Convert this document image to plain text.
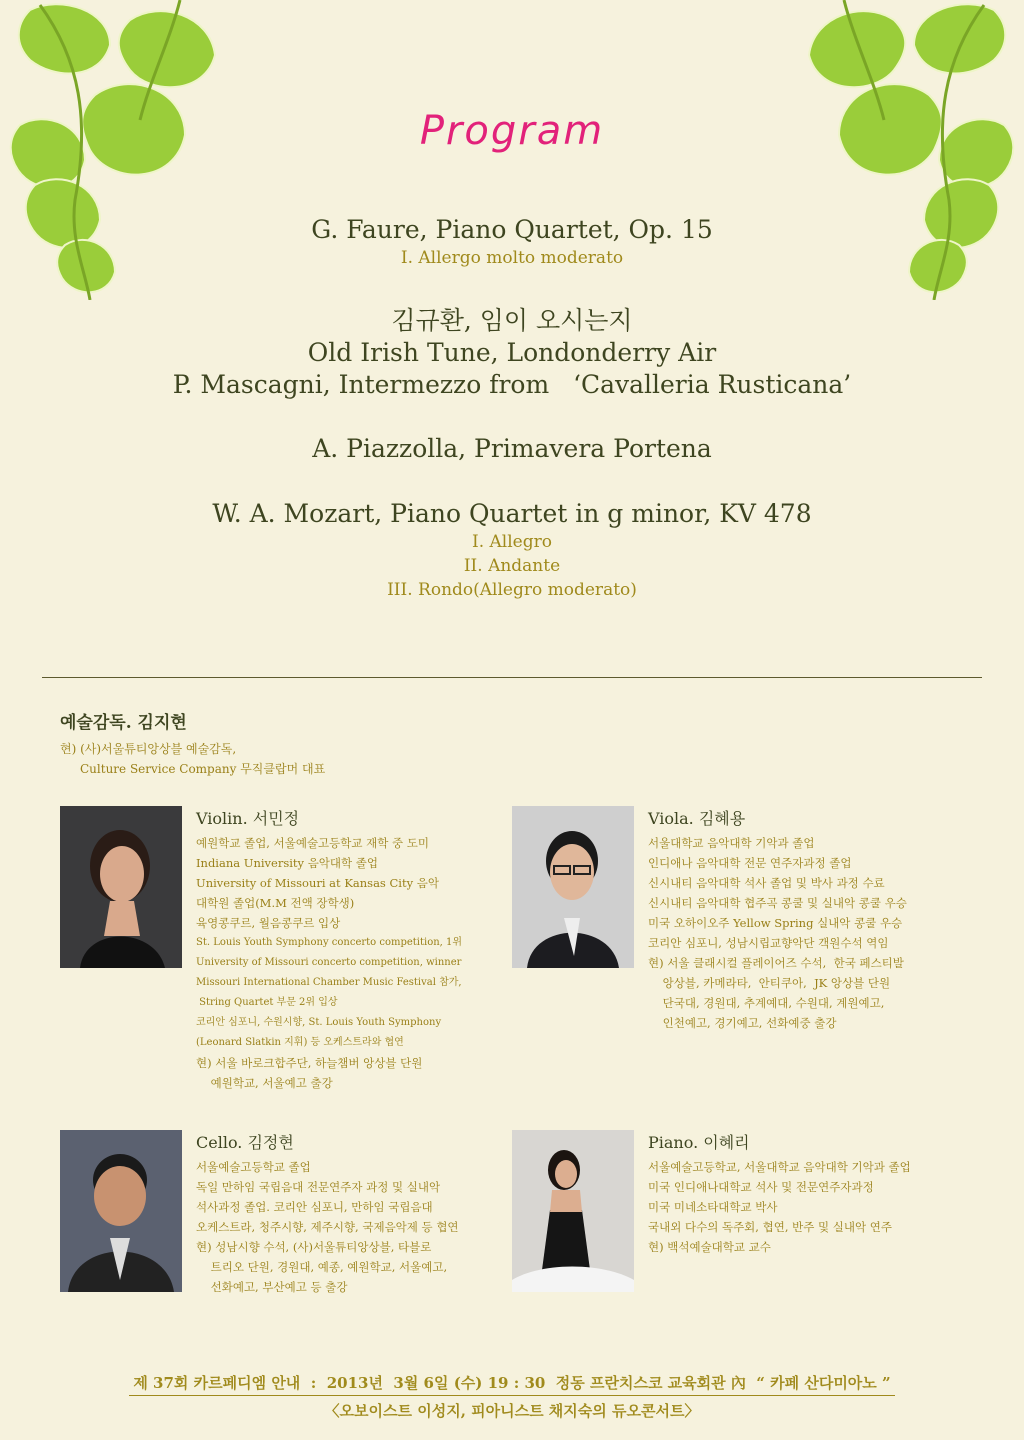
Program
G. Faure, Piano Quartet, Op. 15
I. Allergo molto moderato
김규환, 임이 오시는지
Old Irish Tune, Londonderry Air
P. Mascagni, Intermezzo from   ‘Cavalleria Rusticana’
A. Piazzolla, Primavera Portena
W. A. Mozart, Piano Quartet in g minor, KV 478
I. Allegro
II. Andante
III. Rondo(Allegro moderato)
예술감독. 김지현
현) (사)서울튜티앙상블 예술감독,
Culture Service Company 무직클랍머 대표
Violin. 서민정
예원학교 졸업, 서울예술고등학교 재학 중 도미
Indiana University 음악대학 졸업
University of Missouri at Kansas City 음악
대학원 졸업(M.M 전액 장학생)
육영콩쿠르, 월음콩쿠르 입상
St. Louis Youth Symphony concerto competition, 1위
University of Missouri concerto competition, winner
Missouri International Chamber Music Festival 참가,
String Quartet 부문 2위 입상
코리안 심포니, 수원시향, St. Louis Youth Symphony
(Leonard Slatkin 지휘) 등 오케스트라와 협연
현) 서울 바로크합주단, 하늘챔버 앙상블 단원
예원학교, 서울예고 출강
Viola. 김혜용
서울대학교 음악대학 기악과 졸업
인디애나 음악대학 전문 연주자과정 졸업
신시내티 음악대학 석사 졸업 및 박사 과정 수료
신시내티 음악대학 협주곡 콩쿨 및 실내악 콩쿨 우승
미국 오하이오주 Yellow Spring 실내악 콩쿨 우승
코리안 심포니, 성남시립교향악단 객원수석 역임
현) 서울 클래시컬 플레이어즈 수석,  한국 페스티발
앙상블, 카메라타,  안티쿠아,  JK 앙상블 단원
단국대, 경원대, 추계예대, 수원대, 계원예고,
인천예고, 경기예고, 선화예중 출강
Cello. 김정현
서울예술고등학교 졸업
독일 만하임 국립음대 전문연주자 과정 및 실내악
석사과정 졸업. 코리안 심포니, 만하임 국립음대
오케스트라, 청주시향, 제주시향, 국제음악제 등 협연
현) 성남시향 수석, (사)서울튜티앙상블, 타블로
트리오 단원, 경원대, 예종, 예원학교, 서울예고,
선화예고, 부산예고 등 출강
Piano. 이혜리
서울예술고등학교, 서울대학교 음악대학 기악과 졸업
미국 인디애나대학교 석사 및 전문연주자과정
미국 미네소타대학교 박사
국내외 다수의 독주회, 협연, 반주 및 실내악 연주
현) 백석예술대학교 교수
제 37회 카르페디엠 안내  :  2013년  3월 6일 (수) 19 : 30  정동 프란치스코 교육회관 內  “ 카페 산다미아노 ”
〈오보이스트 이성지, 피아니스트 채지숙의 듀오콘서트〉
